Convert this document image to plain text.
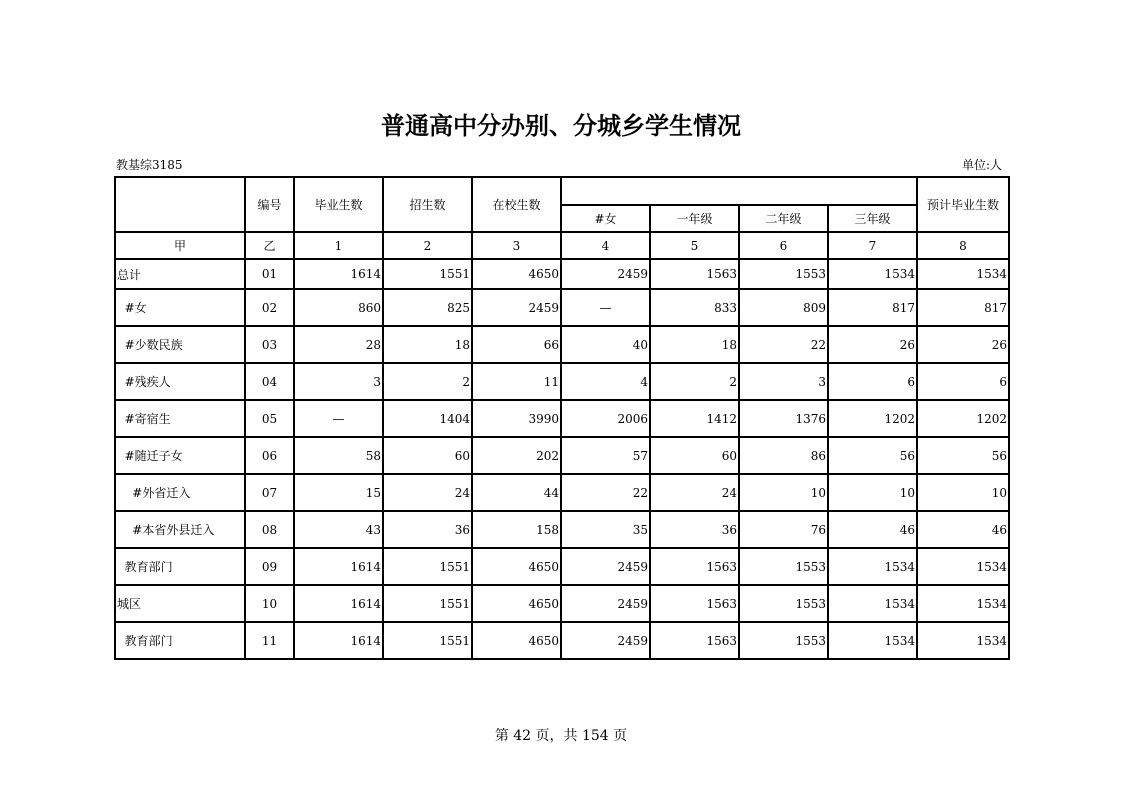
普通高中分办别、分城乡学生情况
教基综3185	单位:人
	编号	毕业生数	招生数	在校生数					预计毕业生数
					#女	一年级	二年级	三年级	
甲	乙	1	2	3	4	5	6	7	8
总计	01	1614	1551	4650	2459	1563	1553	1534	1534
#女	02	860	825	2459	—	833	809	817	817
#少数民族	03	28	18	66	40	18	22	26	26
#残疾人	04	3	2	11	4	2	3	6	6
#寄宿生	05	—	1404	3990	2006	1412	1376	1202	1202
#随迁子女	06	58	60	202	57	60	86	56	56
#外省迁入	07	15	24	44	22	24	10	10	10
#本省外县迁入	08	43	36	158	35	36	76	46	46
教育部门	09	1614	1551	4650	2459	1563	1553	1534	1534
城区	10	1614	1551	4650	2459	1563	1553	1534	1534
教育部门	11	1614	1551	4650	2459	1563	1553	1534	1534
第 42 页，共 154 页
